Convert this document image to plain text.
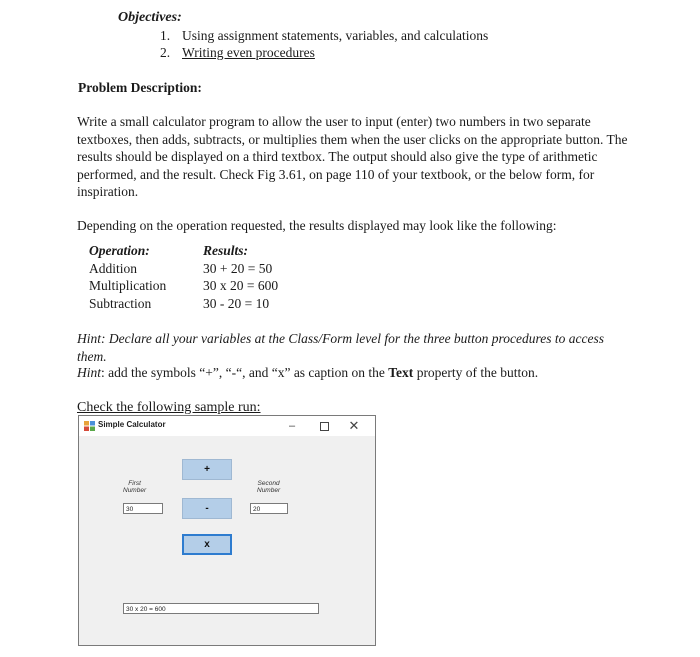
Objectives:
1. Using assignment statements, variables, and calculations
2. Writing even procedures
Problem Description:
Write a small calculator program to allow the user to input (enter) two numbers in two separate
textboxes, then adds, subtracts, or multiplies them when the user clicks on the appropriate button. The
results should be displayed on a third textbox. The output should also give the type of arithmetic
performed, and the result. Check Fig 3.61, on page 110 of your textbook, or the below form, for
inspiration.
Depending on the operation requested, the results displayed may look like the following:
Operation:
Addition
Multiplication
Subtraction
Results:
30 + 20 = 50
30 x 20 = 600
30 - 20 = 10
Hint: Declare all your variables at the Class/Form level for the three button procedures to access
them.
Hint: add the symbols “+”, “-“, and “x” as caption on the Text property of the button.
Check the following sample run:
Simple Calculator	–	✕
First
Number
30
+
-
x
Second
Number
20
30 x 20 = 600
